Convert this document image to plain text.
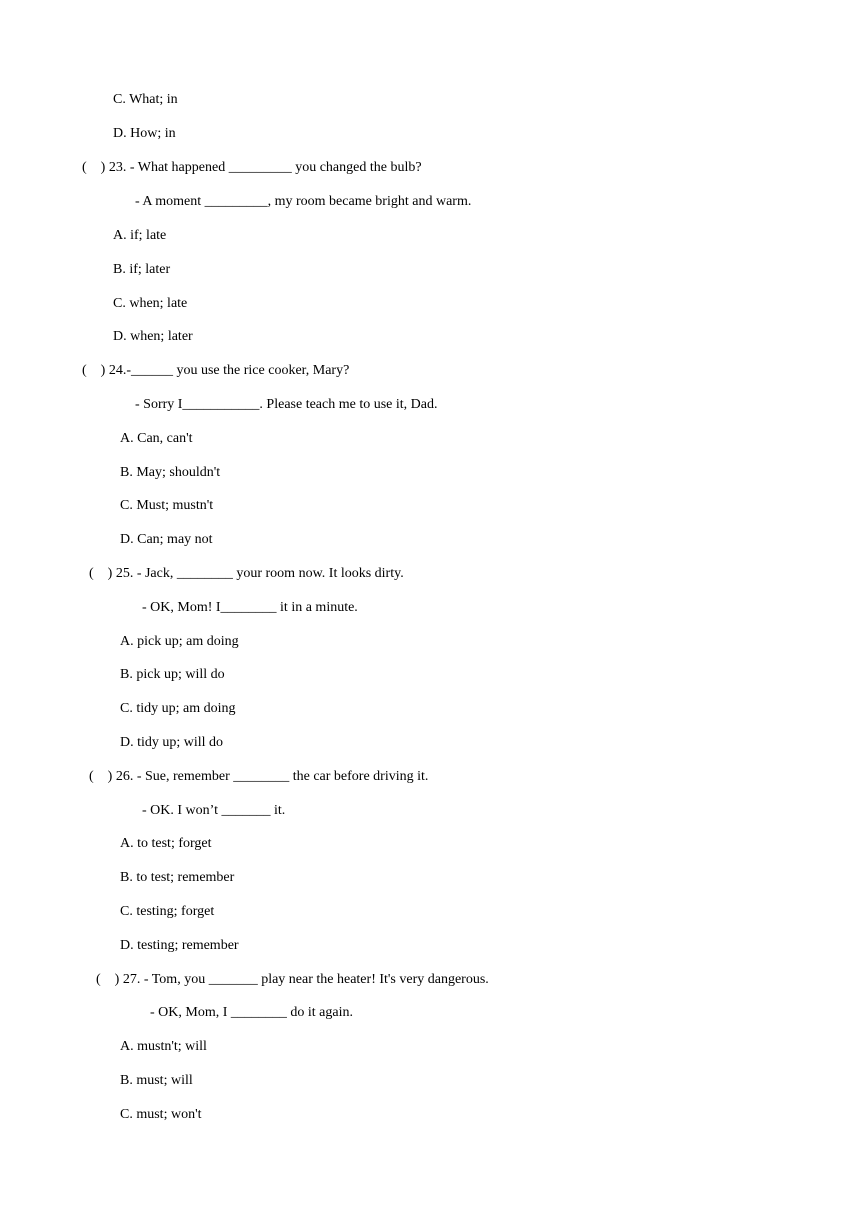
C. What; in
D. How; in
(    ) 23. - What happened _________ you changed the bulb?
- A moment _________, my room became bright and warm.
A. if; late
B. if; later
C. when; late
D. when; later
(    ) 24.-______ you use the rice cooker, Mary?
- Sorry I___________. Please teach me to use it, Dad.
A. Can, can't
B. May; shouldn't
C. Must; mustn't
D. Can; may not
(    ) 25. - Jack, ________ your room now. It looks dirty.
- OK, Mom! I________ it in a minute.
A. pick up; am doing
B. pick up; will do
C. tidy up; am doing
D. tidy up; will do
(    ) 26. - Sue, remember ________ the car before driving it.
- OK. I won’t _______ it.
A. to test; forget
B. to test; remember
C. testing; forget
D. testing; remember
(    ) 27. - Tom, you _______ play near the heater! It's very dangerous.
- OK, Mom, I ________ do it again.
A. mustn't; will
B. must; will
C. must; won't
